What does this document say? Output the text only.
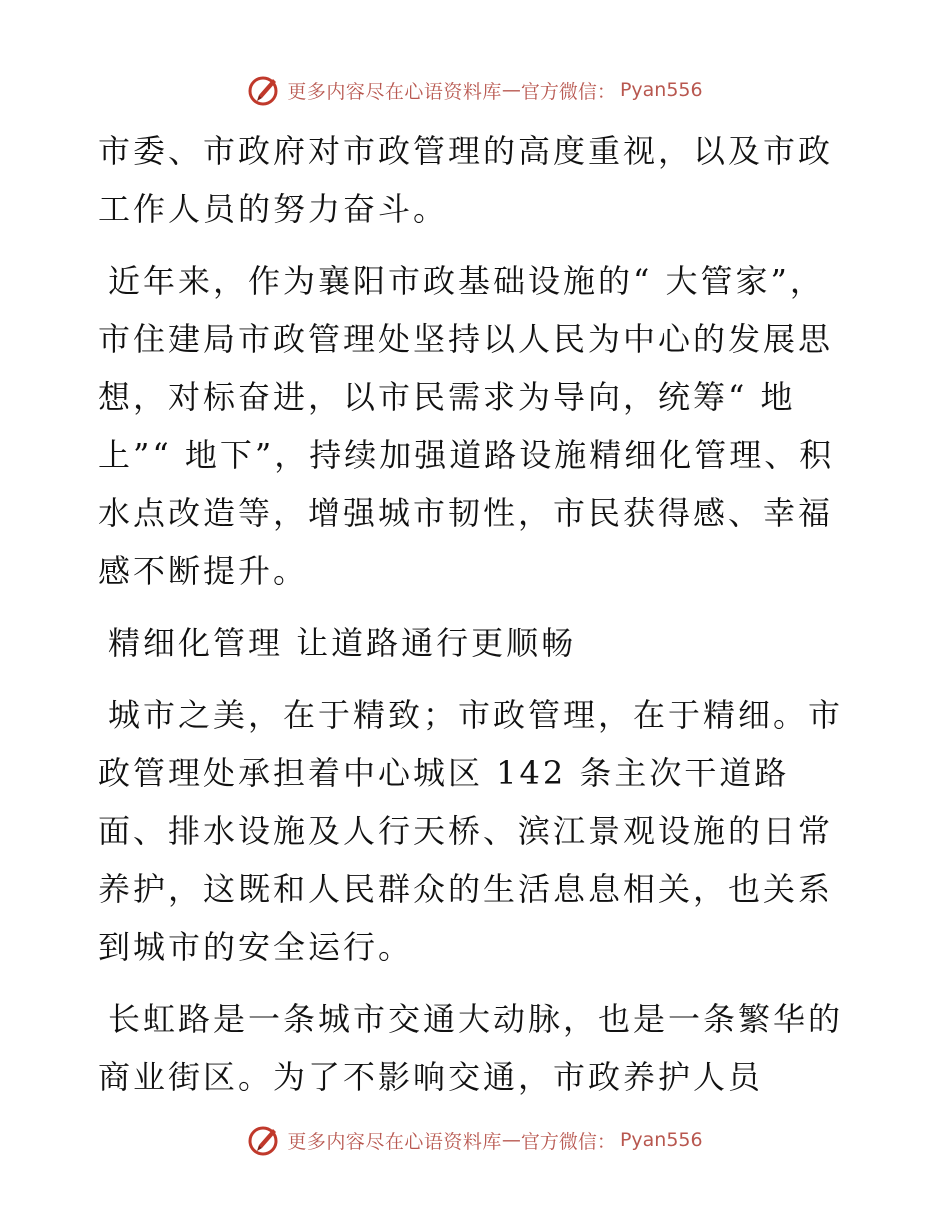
更多内容尽在心语资料库 — 官方微信： Pyan556

市委、市政府对市政管理的高度重视，以及市政工作人员的努力奋斗。

近年来，作为襄阳市政基础设施的“ 大管家”，市住建局市政管理处坚持以人民为中心的发展思想，对标奋进，以市民需求为导向，统筹“ 地上”“ 地下”，持续加强道路设施精细化管理、积水点改造等，增强城市韧性，市民获得感、幸福感不断提升。

精细化管理 让道路通行更顺畅

城市之美，在于精致；市政管理，在于精细。市政管理处承担着中心城区 142 条主次干道路面、排水设施及人行天桥、滨江景观设施的日常养护，这既和人民群众的生活息息相关，也关系到城市的安全运行。

长虹路是一条城市交通大动脉，也是一条繁华的商业街区。为了不影响交通，市政养护人员

更多内容尽在心语资料库 — 官方微信： Pyan556
